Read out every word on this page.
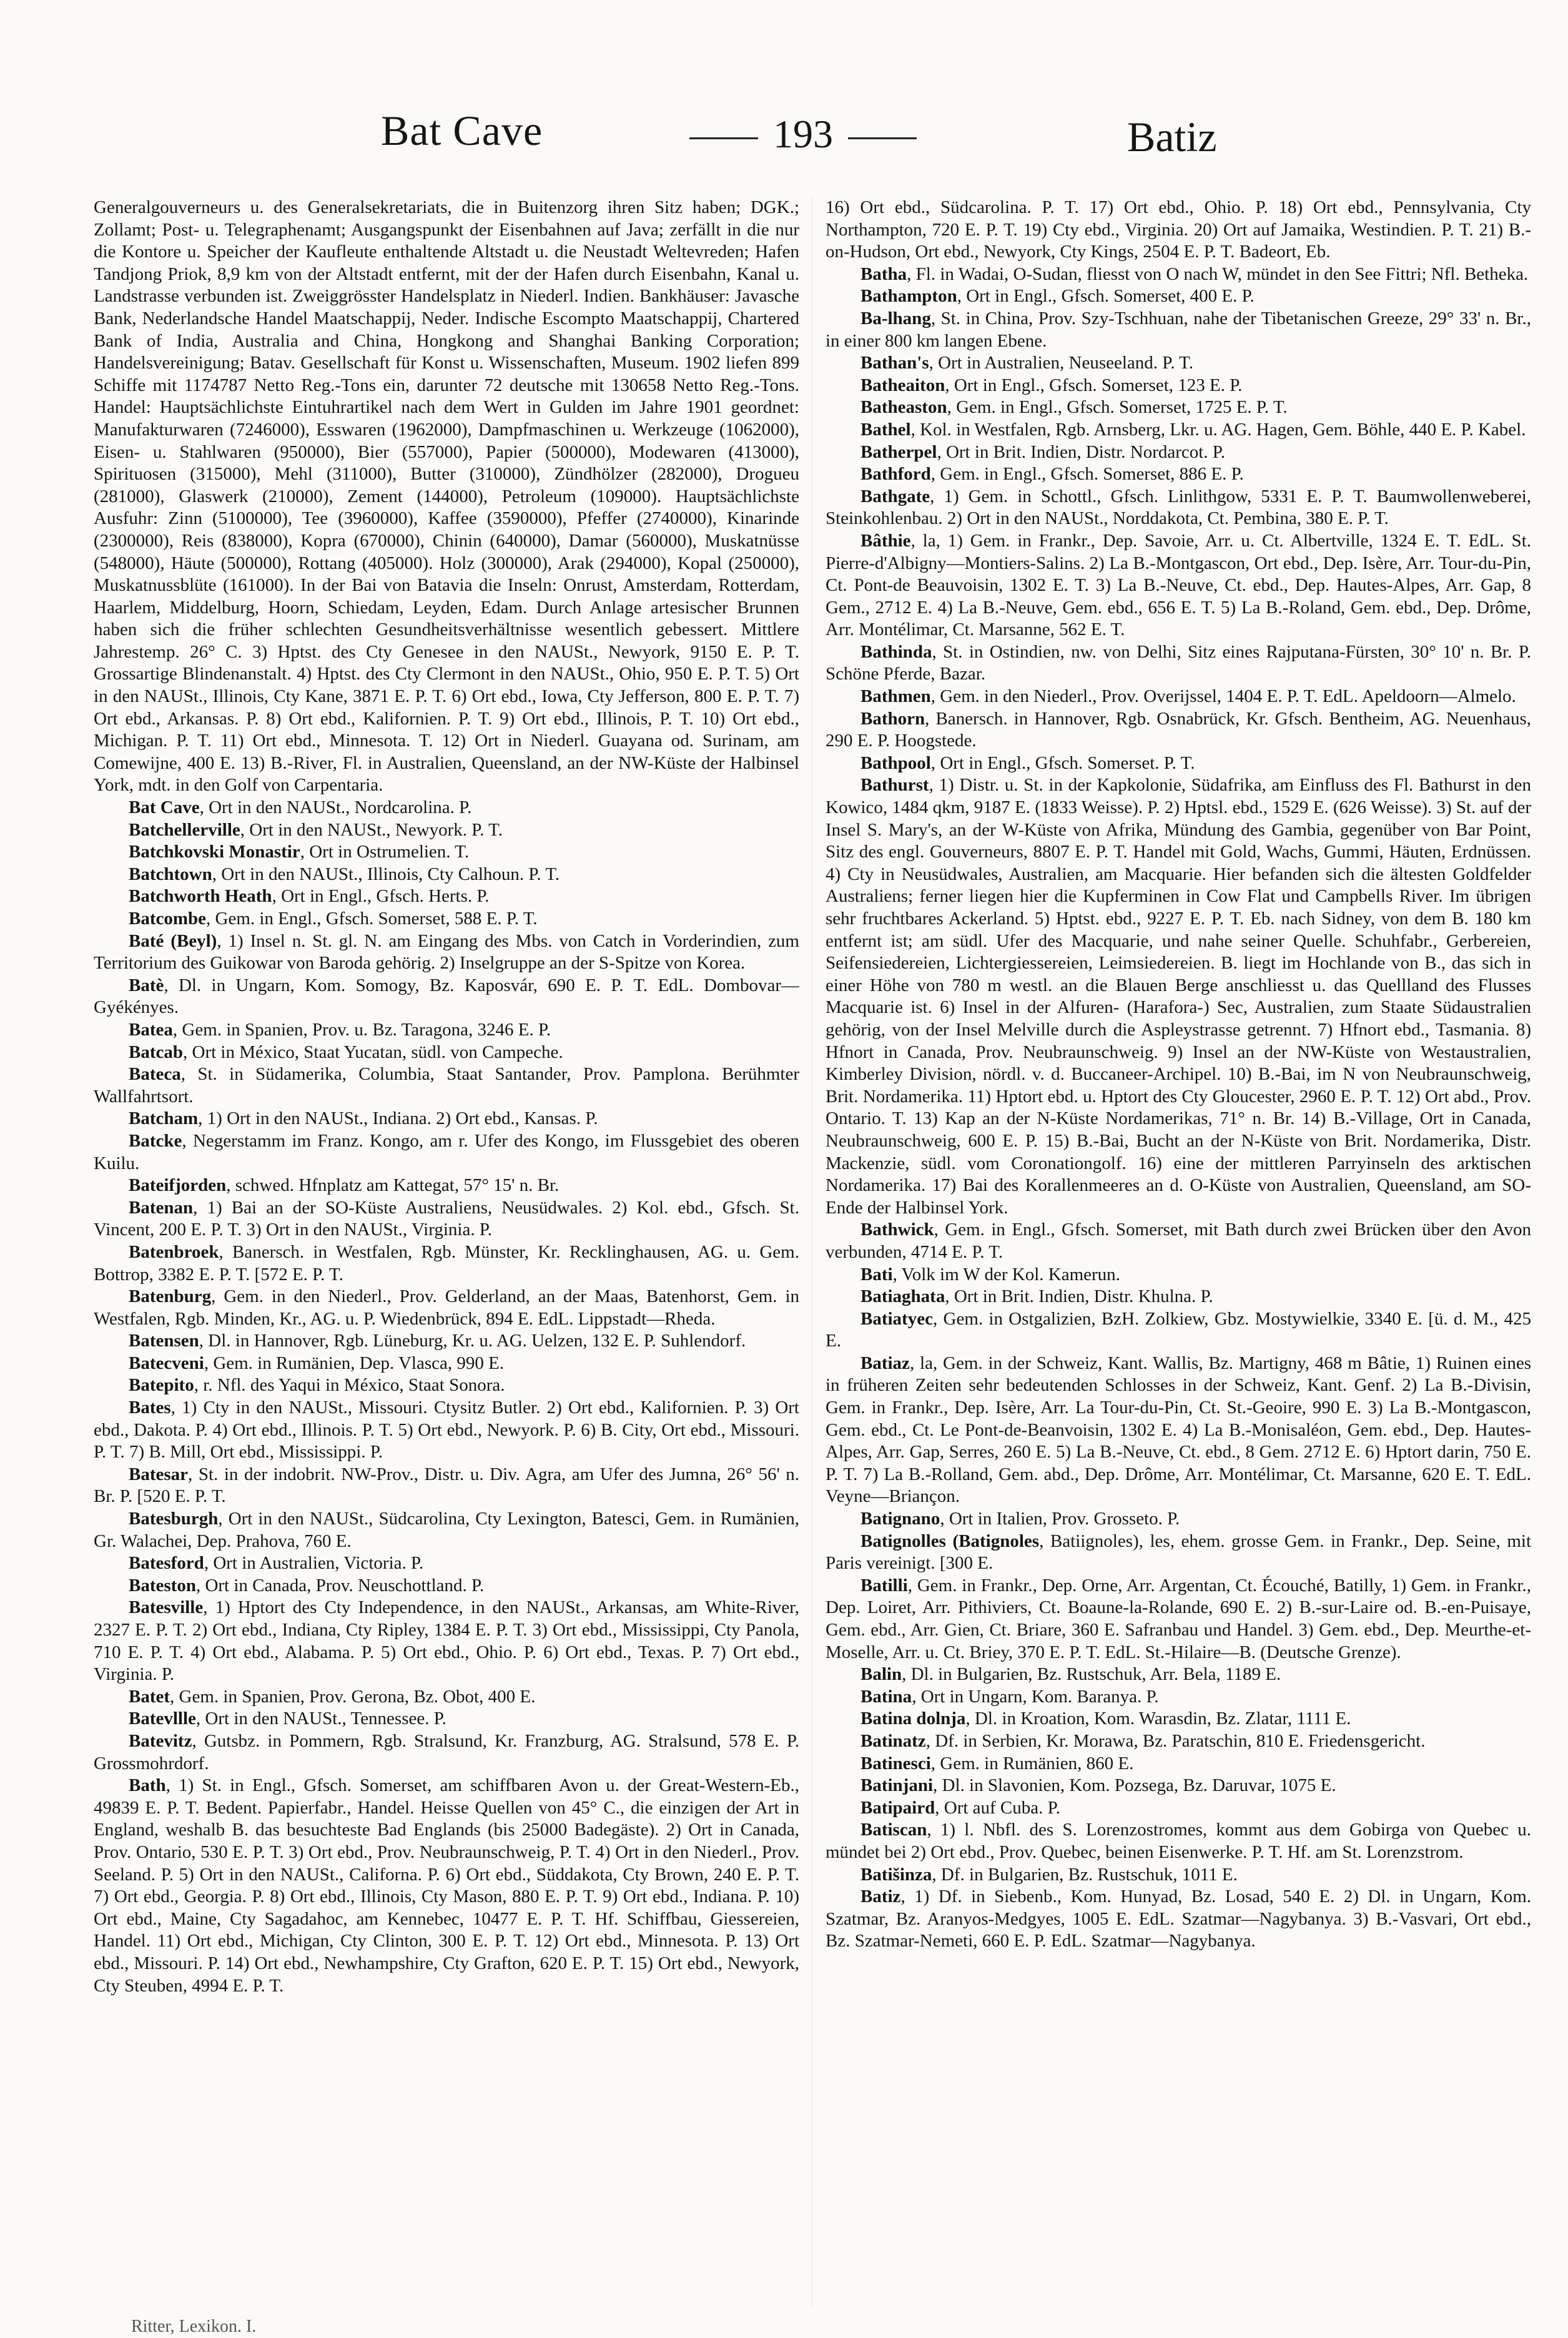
Bat Cave	193	Batiz

Generalgouverneurs u. des Generalsekretariats, die in Buitenzorg ihren Sitz haben; DGK.; Zollamt; Post- u. Telegraphenamt; Ausgangspunkt der Eisenbahnen auf Java; zerfällt in die nur die Kontore u. Speicher der Kaufleute enthaltende Altstadt u. die Neustadt Weltevreden; Hafen Tandjong Priok, 8,9 km von der Altstadt entfernt, mit der der Hafen durch Eisenbahn, Kanal u. Landstrasse verbunden ist. Zweiggrösster Handelsplatz in Niederl. Indien. Bankhäuser: Javasche Bank, Nederlandsche Handel Maatschappij, Neder. Indische Escompto Maatschappij, Chartered Bank of India, Australia and China, Hongkong and Shanghai Banking Corporation; Handelsvereinigung; Batav. Gesellschaft für Konst u. Wissenschaften, Museum. 1902 liefen 899 Schiffe mit 1174787 Netto Reg.-Tons ein, darunter 72 deutsche mit 130658 Netto Reg.-Tons. Handel: Hauptsächlichste Eintuhrartikel nach dem Wert in Gulden im Jahre 1901 geordnet: Manufakturwaren (7246000), Esswaren (1962000), Dampfmaschinen u. Werkzeuge (1062000), Eisen- u. Stahlwaren (950000), Bier (557000), Papier (500000), Modewaren (413000), Spirituosen (315000), Mehl (311000), Butter (310000), Zündhölzer (282000), Drogueu (281000), Glaswerk (210000), Zement (144000), Petroleum (109000). Hauptsächlichste Ausfuhr: Zinn (5100000), Tee (3960000), Kaffee (3590000), Pfeffer (2740000), Kinarinde (2300000), Reis (838000), Kopra (670000), Chinin (640000), Damar (560000), Muskatnüsse (548000), Häute (500000), Rottang (405000). Holz (300000), Arak (294000), Kopal (250000), Muskatnussblüte (161000). In der Bai von Batavia die Inseln: Onrust, Amsterdam, Rotterdam, Haarlem, Middelburg, Hoorn, Schiedam, Leyden, Edam. Durch Anlage artesischer Brunnen haben sich die früher schlechten Gesundheitsverhältnisse wesentlich gebessert. Mittlere Jahrestemp. 26° C. 3) Hptst. des Cty Genesee in den NAUSt., Newyork, 9150 E. P. T. Grossartige Blindenanstalt. 4) Hptst. des Cty Clermont in den NAUSt., Ohio, 950 E. P. T. 5) Ort in den NAUSt., Illinois, Cty Kane, 3871 E. P. T. 6) Ort ebd., Iowa, Cty Jefferson, 800 E. P. T. 7) Ort ebd., Arkansas. P. 8) Ort ebd., Kalifornien. P. T. 9) Ort ebd., Illinois, P. T. 10) Ort ebd., Michigan. P. T. 11) Ort ebd., Minnesota. T. 12) Ort in Niederl. Guayana od. Surinam, am Comewijne, 400 E. 13) B.-River, Fl. in Australien, Queensland, an der NW-Küste der Halbinsel York, mdt. in den Golf von Carpentaria.

Bat Cave, Ort in den NAUSt., Nordcarolina. P.

Batchellerville, Ort in den NAUSt., Newyork. P. T.

Batchkovski Monastir, Ort in Ostrumelien. T.

Batchtown, Ort in den NAUSt., Illinois, Cty Calhoun. P. T.

Batchworth Heath, Ort in Engl., Gfsch. Herts. P.

Batcombe, Gem. in Engl., Gfsch. Somerset, 588 E. P. T.

Baté (Beyl), 1) Insel n. St. gl. N. am Eingang des Mbs. von Catch in Vorderindien, zum Territorium des Guikowar von Baroda gehörig. 2) Inselgruppe an der S-Spitze von Korea.

Batè, Dl. in Ungarn, Kom. Somogy, Bz. Kaposvár, 690 E. P. T. EdL. Dombovar—Gyékényes.

Batea, Gem. in Spanien, Prov. u. Bz. Taragona, 3246 E. P.

Batcab, Ort in México, Staat Yucatan, südl. von Campeche.

Bateca, St. in Südamerika, Columbia, Staat Santander, Prov. Pamplona. Berühmter Wallfahrtsort.

Batcham, 1) Ort in den NAUSt., Indiana. 2) Ort ebd., Kansas. P.

Batcke, Negerstamm im Franz. Kongo, am r. Ufer des Kongo, im Flussgebiet des oberen Kuilu.

Bateifjorden, schwed. Hfnplatz am Kattegat, 57° 15' n. Br.

Batenan, 1) Bai an der SO-Küste Australiens, Neusüdwales. 2) Kol. ebd., Gfsch. St. Vincent, 200 E. P. T. 3) Ort in den NAUSt., Virginia. P.

Batenbroek, Banersch. in Westfalen, Rgb. Münster, Kr. Recklinghausen, AG. u. Gem. Bottrop, 3382 E. P. T. [572 E. P. T.

Batenburg, Gem. in den Niederl., Prov. Gelderland, an der Maas, Batenhorst, Gem. in Westfalen, Rgb. Minden, Kr., AG. u. P. Wiedenbrück, 894 E. EdL. Lippstadt—Rheda.

Batensen, Dl. in Hannover, Rgb. Lüneburg, Kr. u. AG. Uelzen, 132 E. P. Suhlendorf.

Batecveni, Gem. in Rumänien, Dep. Vlasca, 990 E.

Batepito, r. Nfl. des Yaqui in México, Staat Sonora.

Bates, 1) Cty in den NAUSt., Missouri. Ctysitz Butler. 2) Ort ebd., Kalifornien. P. 3) Ort ebd., Dakota. P. 4) Ort ebd., Illinois. P. T. 5) Ort ebd., Newyork. P. 6) B. City, Ort ebd., Missouri. P. T. 7) B. Mill, Ort ebd., Mississippi. P.

Batesar, St. in der indobrit. NW-Prov., Distr. u. Div. Agra, am Ufer des Jumna, 26° 56' n. Br. P. [520 E. P. T.

Batesburgh, Ort in den NAUSt., Südcarolina, Cty Lexington, Batesci, Gem. in Rumänien, Gr. Walachei, Dep. Prahova, 760 E.

Batesford, Ort in Australien, Victoria. P.

Bateston, Ort in Canada, Prov. Neuschottland. P.

Batesville, 1) Hptort des Cty Independence, in den NAUSt., Arkansas, am White-River, 2327 E. P. T. 2) Ort ebd., Indiana, Cty Ripley, 1384 E. P. T. 3) Ort ebd., Mississippi, Cty Panola, 710 E. P. T. 4) Ort ebd., Alabama. P. 5) Ort ebd., Ohio. P. 6) Ort ebd., Texas. P. 7) Ort ebd., Virginia. P.

Batet, Gem. in Spanien, Prov. Gerona, Bz. Obot, 400 E.

Batevllle, Ort in den NAUSt., Tennessee. P.

Batevitz, Gutsbz. in Pommern, Rgb. Stralsund, Kr. Franzburg, AG. Stralsund, 578 E. P. Grossmohrdorf.

Bath, 1) St. in Engl., Gfsch. Somerset, am schiffbaren Avon u. der Great-Western-Eb., 49839 E. P. T. Bedent. Papierfabr., Handel. Heisse Quellen von 45° C., die einzigen der Art in England, weshalb B. das besuchteste Bad Englands (bis 25000 Badegäste). 2) Ort in Canada, Prov. Ontario, 530 E. P. T. 3) Ort ebd., Prov. Neubraunschweig, P. T. 4) Ort in den Niederl., Prov. Seeland. P. 5) Ort in den NAUSt., Californa. P. 6) Ort ebd., Süddakota, Cty Brown, 240 E. P. T. 7) Ort ebd., Georgia. P. 8) Ort ebd., Illinois, Cty Mason, 880 E. P. T. 9) Ort ebd., Indiana. P. 10) Ort ebd., Maine, Cty Sagadahoc, am Kennebec, 10477 E. P. T. Hf. Schiffbau, Giessereien, Handel. 11) Ort ebd., Michigan, Cty Clinton, 300 E. P. T. 12) Ort ebd., Minnesota. P. 13) Ort ebd., Missouri. P. 14) Ort ebd., Newhampshire, Cty Grafton, 620 E. P. T. 15) Ort ebd., Newyork, Cty Steuben, 4994 E. P. T.

16) Ort ebd., Südcarolina. P. T. 17) Ort ebd., Ohio. P. 18) Ort ebd., Pennsylvania, Cty Northampton, 720 E. P. T. 19) Cty ebd., Virginia. 20) Ort auf Jamaika, Westindien. P. T. 21) B.-on-Hudson, Ort ebd., Newyork, Cty Kings, 2504 E. P. T. Badeort, Eb.

Batha, Fl. in Wadai, O-Sudan, fliesst von O nach W, mündet in den See Fittri; Nfl. Betheka.

Bathampton, Ort in Engl., Gfsch. Somerset, 400 E. P.

Ba-lhang, St. in China, Prov. Szy-Tschhuan, nahe der Tibetanischen Greeze, 29° 33' n. Br., in einer 800 km langen Ebene.

Bathan's, Ort in Australien, Neuseeland. P. T.

Batheaiton, Ort in Engl., Gfsch. Somerset, 123 E. P.

Batheaston, Gem. in Engl., Gfsch. Somerset, 1725 E. P. T.

Bathel, Kol. in Westfalen, Rgb. Arnsberg, Lkr. u. AG. Hagen, Gem. Böhle, 440 E. P. Kabel.

Batherpel, Ort in Brit. Indien, Distr. Nordarcot. P.

Bathford, Gem. in Engl., Gfsch. Somerset, 886 E. P.

Bathgate, 1) Gem. in Schottl., Gfsch. Linlithgow, 5331 E. P. T. Baumwollenweberei, Steinkohlenbau. 2) Ort in den NAUSt., Norddakota, Ct. Pembina, 380 E. P. T.

Bâthie, la, 1) Gem. in Frankr., Dep. Savoie, Arr. u. Ct. Albertville, 1324 E. T. EdL. St. Pierre-d'Albigny—Montiers-Salins. 2) La B.-Montgascon, Ort ebd., Dep. Isère, Arr. Tour-du-Pin, Ct. Pont-de Beauvoisin, 1302 E. T. 3) La B.-Neuve, Ct. ebd., Dep. Hautes-Alpes, Arr. Gap, 8 Gem., 2712 E. 4) La B.-Neuve, Gem. ebd., 656 E. T. 5) La B.-Roland, Gem. ebd., Dep. Drôme, Arr. Montélimar, Ct. Marsanne, 562 E. T.

Bathinda, St. in Ostindien, nw. von Delhi, Sitz eines Rajputana-Fürsten, 30° 10' n. Br. P. Schöne Pferde, Bazar.

Bathmen, Gem. in den Niederl., Prov. Overijssel, 1404 E. P. T. EdL. Apeldoorn—Almelo.

Bathorn, Banersch. in Hannover, Rgb. Osnabrück, Kr. Gfsch. Bentheim, AG. Neuenhaus, 290 E. P. Hoogstede.

Bathpool, Ort in Engl., Gfsch. Somerset. P. T.

Bathurst, 1) Distr. u. St. in der Kapkolonie, Südafrika, am Einfluss des Fl. Bathurst in den Kowico, 1484 qkm, 9187 E. (1833 Weisse). P. 2) Hptsl. ebd., 1529 E. (626 Weisse). 3) St. auf der Insel S. Mary's, an der W-Küste von Afrika, Mündung des Gambia, gegenüber von Bar Point, Sitz des engl. Gouverneurs, 8807 E. P. T. Handel mit Gold, Wachs, Gummi, Häuten, Erdnüssen. 4) Cty in Neusüdwales, Australien, am Macquarie. Hier befanden sich die ältesten Goldfelder Australiens; ferner liegen hier die Kupferminen in Cow Flat und Campbells River. Im übrigen sehr fruchtbares Ackerland. 5) Hptst. ebd., 9227 E. P. T. Eb. nach Sidney, von dem B. 180 km entfernt ist; am südl. Ufer des Macquarie, und nahe seiner Quelle. Schuhfabr., Gerbereien, Seifensiedereien, Lichtergiessereien, Leimsiedereien. B. liegt im Hochlande von B., das sich in einer Höhe von 780 m westl. an die Blauen Berge anschliesst u. das Quellland des Flusses Macquarie ist. 6) Insel in der Alfuren- (Harafora-) Sec, Australien, zum Staate Südaustralien gehörig, von der Insel Melville durch die Aspleystrasse getrennt. 7) Hfnort ebd., Tasmania. 8) Hfnort in Canada, Prov. Neubraunschweig. 9) Insel an der NW-Küste von Westaustralien, Kimberley Division, nördl. v. d. Buccaneer-Archipel. 10) B.-Bai, im N von Neubraunschweig, Brit. Nordamerika. 11) Hptort ebd. u. Hptort des Cty Gloucester, 2960 E. P. T. 12) Ort abd., Prov. Ontario. T. 13) Kap an der N-Küste Nordamerikas, 71° n. Br. 14) B.-Village, Ort in Canada, Neubraunschweig, 600 E. P. 15) B.-Bai, Bucht an der N-Küste von Brit. Nordamerika, Distr. Mackenzie, südl. vom Coronationgolf. 16) eine der mittleren Parryinseln des arktischen Nordamerika. 17) Bai des Korallenmeeres an d. O-Küste von Australien, Queensland, am SO-Ende der Halbinsel York.

Bathwick, Gem. in Engl., Gfsch. Somerset, mit Bath durch zwei Brücken über den Avon verbunden, 4714 E. P. T.

Bati, Volk im W der Kol. Kamerun.

Batiaghata, Ort in Brit. Indien, Distr. Khulna. P.

Batiatyec, Gem. in Ostgalizien, BzH. Zolkiew, Gbz. Mostywielkie, 3340 E. [ü. d. M., 425 E.

Batiaz, la, Gem. in der Schweiz, Kant. Wallis, Bz. Martigny, 468 m Bâtie, 1) Ruinen eines in früheren Zeiten sehr bedeutenden Schlosses in der Schweiz, Kant. Genf. 2) La B.-Divisin, Gem. in Frankr., Dep. Isère, Arr. La Tour-du-Pin, Ct. St.-Geoire, 990 E. 3) La B.-Montgascon, Gem. ebd., Ct. Le Pont-de-Beanvoisin, 1302 E. 4) La B.-Monisaléon, Gem. ebd., Dep. Hautes-Alpes, Arr. Gap, Serres, 260 E. 5) La B.-Neuve, Ct. ebd., 8 Gem. 2712 E. 6) Hptort darin, 750 E. P. T. 7) La B.-Rolland, Gem. abd., Dep. Drôme, Arr. Montélimar, Ct. Marsanne, 620 E. T. EdL. Veyne—Briançon.

Batignano, Ort in Italien, Prov. Grosseto. P.

Batignolles (Batignoles, Batiignoles), les, ehem. grosse Gem. in Frankr., Dep. Seine, mit Paris vereinigt. [300 E.

Batilli, Gem. in Frankr., Dep. Orne, Arr. Argentan, Ct. Écouché, Batilly, 1) Gem. in Frankr., Dep. Loiret, Arr. Pithiviers, Ct. Boaune-la-Rolande, 690 E. 2) B.-sur-Laire od. B.-en-Puisaye, Gem. ebd., Arr. Gien, Ct. Briare, 360 E. Safranbau und Handel. 3) Gem. ebd., Dep. Meurthe-et-Moselle, Arr. u. Ct. Briey, 370 E. P. T. EdL. St.-Hilaire—B. (Deutsche Grenze).

Balin, Dl. in Bulgarien, Bz. Rustschuk, Arr. Bela, 1189 E.

Batina, Ort in Ungarn, Kom. Baranya. P.

Batina dolnja, Dl. in Kroation, Kom. Warasdin, Bz. Zlatar, 1111 E.

Batinatz, Df. in Serbien, Kr. Morawa, Bz. Paratschin, 810 E. Friedensgericht.

Batinesci, Gem. in Rumänien, 860 E.

Batinjani, Dl. in Slavonien, Kom. Pozsega, Bz. Daruvar, 1075 E.

Batipaird, Ort auf Cuba. P.

Batiscan, 1) l. Nbfl. des S. Lorenzostromes, kommt aus dem Gobirga von Quebec u. mündet bei 2) Ort ebd., Prov. Quebec, beinen Eisenwerke. P. T. Hf. am St. Lorenzstrom.

Batišinza, Df. in Bulgarien, Bz. Rustschuk, 1011 E.

Batiz, 1) Df. in Siebenb., Kom. Hunyad, Bz. Losad, 540 E. 2) Dl. in Ungarn, Kom. Szatmar, Bz. Aranyos-Medgyes, 1005 E. EdL. Szatmar—Nagybanya. 3) B.-Vasvari, Ort ebd., Bz. Szatmar-Nemeti, 660 E. P. EdL. Szatmar—Nagybanya.

Ritter, Lexikon. I.
